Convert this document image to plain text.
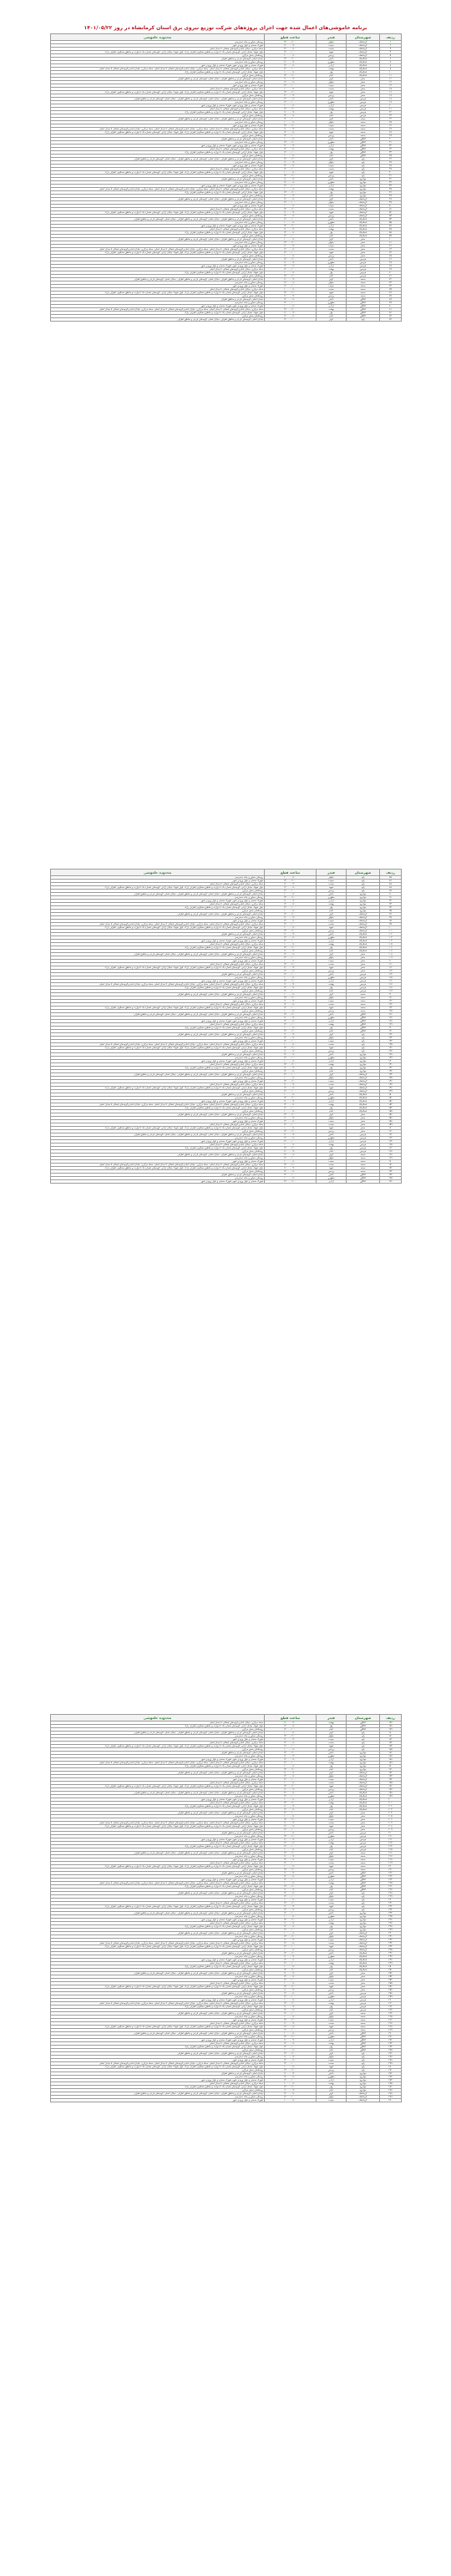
برنامه خاموشی‌های اعمال شده جهت اجرای پروژه‌های شرکت توزیع نیروی برق استان کرمانشاه در روز ۱۴۰۱/۰۵/۲۲
ردیف	شهرستان	فیدر	ساعت قطع	محدوده خاموشی
۱	کرمانشاه	نیلوفر	۱۱:۰۰ - ۱۳:۰۰	روستای مجاور و جاده دسترسی
۲	کرمانشاه	سپیده	۰۹:۰۰ - ۱۱:۰۰	شهرک صنعتی و بلوار ورودی شهر
۳	کرمانشاه	صنعت	۰۸:۰۰ - ۱۲:۰۰	محله مرکزی، خیابان امام و کوچه‌های شمالی تا میدان اصلی
۴	کرمانشاه	شهید	۱۰:۰۰ - ۱۲:۰۰	بلوار شهدا، خیابان آزادی، کوچه‌های شماره یک تا دوازده و مناطق مسکونی اطراف پارک، بلوار شهدا، خیابان آزادی، کوچه‌های شماره یک تا دوازده و مناطق مسکونی اطراف پارک
۵	کرمانشاه	پردیس	۰۸:۰۰ - ۱۰:۰۰	روستاهای بخش مرکزی
۶	اسلام‌آباد	دانش	۱۱:۰۰ - ۱۳:۰۰	خیابان اصلی، کوچه‌های فرعی و مناطق اطراف
۷	اسلام‌آباد	مطهری	۰۹:۰۰ - ۱۱:۰۰	روستای مجاور و جاده دسترسی
۸	اسلام‌آباد	آزادی	۰۸:۰۰ - ۱۲:۰۰	شهرک صنعتی و بلوار ورودی شهر، شهرک صنعتی و بلوار ورودی شهر
۹	اسلام‌آباد	بهشت	۱۰:۰۰ - ۱۲:۰۰	محله مرکزی، خیابان امام و کوچه‌های شمالی تا میدان اصلی، محله مرکزی، خیابان امام و کوچه‌های شمالی تا میدان اصلی، محله مرکزی، خیابان امام و کوچه‌های شمالی تا میدان اصلی
۱۰	اسلام‌آباد	بهار	۰۸:۰۰ - ۱۰:۰۰	بلوار شهدا، خیابان آزادی، کوچه‌های شماره یک تا دوازده و مناطق مسکونی اطراف پارک
۱۱	اسلام‌آباد	امام	۱۱:۰۰ - ۱۳:۰۰	روستاهای بخش مرکزی
۱۲	سنقر	کوثر	۰۹:۰۰ - ۱۱:۰۰	خیابان اصلی، کوچه‌های فرعی و مناطق اطراف، خیابان اصلی، کوچه‌های فرعی و مناطق اطراف
۱۳	سنقر	نیلوفر	۰۸:۰۰ - ۱۲:۰۰	روستای مجاور و جاده دسترسی
۱۴	سنقر	سپیده	۱۰:۰۰ - ۱۲:۰۰	شهرک صنعتی و بلوار ورودی شهر
۱۵	سنقر	صنعت	۰۸:۰۰ - ۱۰:۰۰	محله مرکزی، خیابان امام و کوچه‌های شمالی تا میدان اصلی
۱۶	سنقر	شهید	۱۱:۰۰ - ۱۳:۰۰	بلوار شهدا، خیابان آزادی، کوچه‌های شماره یک تا دوازده و مناطق مسکونی اطراف پارک، بلوار شهدا، خیابان آزادی، کوچه‌های شماره یک تا دوازده و مناطق مسکونی اطراف پارک
۱۷	سنقر	پردیس	۰۹:۰۰ - ۱۱:۰۰	روستاهای بخش مرکزی
۱۸	هرسین	دانش	۰۸:۰۰ - ۱۲:۰۰	خیابان اصلی، کوچه‌های فرعی و مناطق اطراف، خیابان اصلی، کوچه‌های فرعی و مناطق اطراف، خیابان اصلی، کوچه‌های فرعی و مناطق اطراف
۱۹	هرسین	مطهری	۱۰:۰۰ - ۱۲:۰۰	روستای مجاور و جاده دسترسی
۲۰	هرسین	آزادی	۰۸:۰۰ - ۱۰:۰۰	شهرک صنعتی و بلوار ورودی شهر، شهرک صنعتی و بلوار ورودی شهر
۲۱	هرسین	بهشت	۱۱:۰۰ - ۱۳:۰۰	محله مرکزی، خیابان امام و کوچه‌های شمالی تا میدان اصلی
۲۲	هرسین	بهار	۰۹:۰۰ - ۱۱:۰۰	بلوار شهدا، خیابان آزادی، کوچه‌های شماره یک تا دوازده و مناطق مسکونی اطراف پارک
۲۳	هرسین	امام	۰۸:۰۰ - ۱۲:۰۰	روستاهای بخش مرکزی
۲۴	صحنه	کوثر	۱۰:۰۰ - ۱۲:۰۰	خیابان اصلی، کوچه‌های فرعی و مناطق اطراف، خیابان اصلی، کوچه‌های فرعی و مناطق اطراف
۲۵	صحنه	نیلوفر	۰۸:۰۰ - ۱۰:۰۰	روستای مجاور و جاده دسترسی
۲۶	صحنه	سپیده	۱۱:۰۰ - ۱۳:۰۰	شهرک صنعتی و بلوار ورودی شهر
۲۷	صحنه	صنعت	۰۹:۰۰ - ۱۱:۰۰	محله مرکزی، خیابان امام و کوچه‌های شمالی تا میدان اصلی، محله مرکزی، خیابان امام و کوچه‌های شمالی تا میدان اصلی، محله مرکزی، خیابان امام و کوچه‌های شمالی تا میدان اصلی
۲۸	صحنه	شهید	۰۸:۰۰ - ۱۲:۰۰	بلوار شهدا، خیابان آزادی، کوچه‌های شماره یک تا دوازده و مناطق مسکونی اطراف پارک، بلوار شهدا، خیابان آزادی، کوچه‌های شماره یک تا دوازده و مناطق مسکونی اطراف پارک
۲۹	صحنه	پردیس	۱۰:۰۰ - ۱۲:۰۰	روستاهای بخش مرکزی
۳۰	کنگاور	دانش	۰۸:۰۰ - ۱۰:۰۰	خیابان اصلی، کوچه‌های فرعی و مناطق اطراف
۳۱	کنگاور	مطهری	۱۱:۰۰ - ۱۳:۰۰	روستای مجاور و جاده دسترسی
۳۲	کنگاور	آزادی	۰۹:۰۰ - ۱۱:۰۰	شهرک صنعتی و بلوار ورودی شهر، شهرک صنعتی و بلوار ورودی شهر
۳۳	کنگاور	بهشت	۰۸:۰۰ - ۱۲:۰۰	محله مرکزی، خیابان امام و کوچه‌های شمالی تا میدان اصلی
۳۴	کنگاور	بهار	۱۰:۰۰ - ۱۲:۰۰	بلوار شهدا، خیابان آزادی، کوچه‌های شماره یک تا دوازده و مناطق مسکونی اطراف پارک
۳۵	کنگاور	امام	۰۸:۰۰ - ۱۰:۰۰	روستاهای بخش مرکزی
۳۶	پاوه	کوثر	۱۱:۰۰ - ۱۳:۰۰	خیابان اصلی، کوچه‌های فرعی و مناطق اطراف، خیابان اصلی، کوچه‌های فرعی و مناطق اطراف، خیابان اصلی، کوچه‌های فرعی و مناطق اطراف
۳۷	پاوه	نیلوفر	۰۹:۰۰ - ۱۱:۰۰	روستای مجاور و جاده دسترسی
۳۸	پاوه	سپیده	۰۸:۰۰ - ۱۲:۰۰	شهرک صنعتی و بلوار ورودی شهر
۳۹	پاوه	صنعت	۱۰:۰۰ - ۱۲:۰۰	محله مرکزی، خیابان امام و کوچه‌های شمالی تا میدان اصلی
۴۰	پاوه	شهید	۰۸:۰۰ - ۱۰:۰۰	بلوار شهدا، خیابان آزادی، کوچه‌های شماره یک تا دوازده و مناطق مسکونی اطراف پارک، بلوار شهدا، خیابان آزادی، کوچه‌های شماره یک تا دوازده و مناطق مسکونی اطراف پارک
۴۱	پاوه	پردیس	۱۱:۰۰ - ۱۳:۰۰	روستاهای بخش مرکزی
۴۲	جوانرود	دانش	۰۹:۰۰ - ۱۱:۰۰	خیابان اصلی، کوچه‌های فرعی و مناطق اطراف
۴۳	جوانرود	مطهری	۰۸:۰۰ - ۱۲:۰۰	روستای مجاور و جاده دسترسی
۴۴	جوانرود	آزادی	۱۰:۰۰ - ۱۲:۰۰	شهرک صنعتی و بلوار ورودی شهر، شهرک صنعتی و بلوار ورودی شهر
۴۵	جوانرود	بهشت	۰۸:۰۰ - ۱۰:۰۰	محله مرکزی، خیابان امام و کوچه‌های شمالی تا میدان اصلی، محله مرکزی، خیابان امام و کوچه‌های شمالی تا میدان اصلی، محله مرکزی، خیابان امام و کوچه‌های شمالی تا میدان اصلی
۴۶	جوانرود	بهار	۱۱:۰۰ - ۱۳:۰۰	بلوار شهدا، خیابان آزادی، کوچه‌های شماره یک تا دوازده و مناطق مسکونی اطراف پارک
۴۷	جوانرود	امام	۰۹:۰۰ - ۱۱:۰۰	روستاهای بخش مرکزی
۴۸	کرمانشاه	کوثر	۰۸:۰۰ - ۱۲:۰۰	خیابان اصلی، کوچه‌های فرعی و مناطق اطراف، خیابان اصلی، کوچه‌های فرعی و مناطق اطراف
۴۹	کرمانشاه	نیلوفر	۱۰:۰۰ - ۱۲:۰۰	روستای مجاور و جاده دسترسی
۵۰	کرمانشاه	سپیده	۰۸:۰۰ - ۱۰:۰۰	شهرک صنعتی و بلوار ورودی شهر
۵۱	کرمانشاه	صنعت	۱۱:۰۰ - ۱۳:۰۰	محله مرکزی، خیابان امام و کوچه‌های شمالی تا میدان اصلی
۵۲	کرمانشاه	شهید	۰۹:۰۰ - ۱۱:۰۰	بلوار شهدا، خیابان آزادی، کوچه‌های شماره یک تا دوازده و مناطق مسکونی اطراف پارک، بلوار شهدا، خیابان آزادی، کوچه‌های شماره یک تا دوازده و مناطق مسکونی اطراف پارک
۵۳	کرمانشاه	پردیس	۰۸:۰۰ - ۱۲:۰۰	روستاهای بخش مرکزی
۵۴	اسلام‌آباد	دانش	۱۰:۰۰ - ۱۲:۰۰	خیابان اصلی، کوچه‌های فرعی و مناطق اطراف، خیابان اصلی، کوچه‌های فرعی و مناطق اطراف، خیابان اصلی، کوچه‌های فرعی و مناطق اطراف
۵۵	اسلام‌آباد	مطهری	۰۸:۰۰ - ۱۰:۰۰	روستای مجاور و جاده دسترسی
۵۶	اسلام‌آباد	آزادی	۱۱:۰۰ - ۱۳:۰۰	شهرک صنعتی و بلوار ورودی شهر، شهرک صنعتی و بلوار ورودی شهر
۵۷	اسلام‌آباد	بهشت	۰۹:۰۰ - ۱۱:۰۰	محله مرکزی، خیابان امام و کوچه‌های شمالی تا میدان اصلی
۵۸	اسلام‌آباد	بهار	۰۸:۰۰ - ۱۲:۰۰	بلوار شهدا، خیابان آزادی، کوچه‌های شماره یک تا دوازده و مناطق مسکونی اطراف پارک
۵۹	اسلام‌آباد	امام	۱۰:۰۰ - ۱۲:۰۰	روستاهای بخش مرکزی
۶۰	سنقر	کوثر	۰۸:۰۰ - ۱۰:۰۰	خیابان اصلی، کوچه‌های فرعی و مناطق اطراف، خیابان اصلی، کوچه‌های فرعی و مناطق اطراف
۶۱	سنقر	نیلوفر	۱۱:۰۰ - ۱۳:۰۰	روستای مجاور و جاده دسترسی
۶۲	سنقر	سپیده	۰۹:۰۰ - ۱۱:۰۰	شهرک صنعتی و بلوار ورودی شهر
۶۳	سنقر	صنعت	۰۸:۰۰ - ۱۲:۰۰	محله مرکزی، خیابان امام و کوچه‌های شمالی تا میدان اصلی، محله مرکزی، خیابان امام و کوچه‌های شمالی تا میدان اصلی، محله مرکزی، خیابان امام و کوچه‌های شمالی تا میدان اصلی
۶۴	سنقر	شهید	۱۰:۰۰ - ۱۲:۰۰	بلوار شهدا، خیابان آزادی، کوچه‌های شماره یک تا دوازده و مناطق مسکونی اطراف پارک، بلوار شهدا، خیابان آزادی، کوچه‌های شماره یک تا دوازده و مناطق مسکونی اطراف پارک
۶۵	سنقر	پردیس	۰۸:۰۰ - ۱۰:۰۰	روستاهای بخش مرکزی
۶۶	هرسین	دانش	۱۱:۰۰ - ۱۳:۰۰	خیابان اصلی، کوچه‌های فرعی و مناطق اطراف
۶۷	هرسین	مطهری	۰۹:۰۰ - ۱۱:۰۰	روستای مجاور و جاده دسترسی
۶۸	هرسین	آزادی	۰۸:۰۰ - ۱۲:۰۰	شهرک صنعتی و بلوار ورودی شهر، شهرک صنعتی و بلوار ورودی شهر
۶۹	هرسین	بهشت	۱۰:۰۰ - ۱۲:۰۰	محله مرکزی، خیابان امام و کوچه‌های شمالی تا میدان اصلی
۷۰	هرسین	بهار	۰۸:۰۰ - ۱۰:۰۰	بلوار شهدا، خیابان آزادی، کوچه‌های شماره یک تا دوازده و مناطق مسکونی اطراف پارک
۷۱	هرسین	امام	۱۱:۰۰ - ۱۳:۰۰	روستاهای بخش مرکزی
۷۲	صحنه	کوثر	۰۹:۰۰ - ۱۱:۰۰	خیابان اصلی، کوچه‌های فرعی و مناطق اطراف، خیابان اصلی، کوچه‌های فرعی و مناطق اطراف، خیابان اصلی، کوچه‌های فرعی و مناطق اطراف
۷۳	صحنه	نیلوفر	۰۸:۰۰ - ۱۲:۰۰	روستای مجاور و جاده دسترسی
۷۴	صحنه	سپیده	۱۰:۰۰ - ۱۲:۰۰	شهرک صنعتی و بلوار ورودی شهر
۷۵	صحنه	صنعت	۰۸:۰۰ - ۱۰:۰۰	محله مرکزی، خیابان امام و کوچه‌های شمالی تا میدان اصلی
۷۶	صحنه	شهید	۱۱:۰۰ - ۱۳:۰۰	بلوار شهدا، خیابان آزادی، کوچه‌های شماره یک تا دوازده و مناطق مسکونی اطراف پارک، بلوار شهدا، خیابان آزادی، کوچه‌های شماره یک تا دوازده و مناطق مسکونی اطراف پارک
۷۷	صحنه	پردیس	۰۹:۰۰ - ۱۱:۰۰	روستاهای بخش مرکزی
۷۸	کنگاور	دانش	۰۸:۰۰ - ۱۲:۰۰	خیابان اصلی، کوچه‌های فرعی و مناطق اطراف
۷۹	کنگاور	مطهری	۱۰:۰۰ - ۱۲:۰۰	روستای مجاور و جاده دسترسی
۸۰	کنگاور	آزادی	۰۸:۰۰ - ۱۰:۰۰	شهرک صنعتی و بلوار ورودی شهر، شهرک صنعتی و بلوار ورودی شهر
۸۱	کنگاور	بهشت	۱۱:۰۰ - ۱۳:۰۰	محله مرکزی، خیابان امام و کوچه‌های شمالی تا میدان اصلی، محله مرکزی، خیابان امام و کوچه‌های شمالی تا میدان اصلی، محله مرکزی، خیابان امام و کوچه‌های شمالی تا میدان اصلی
۸۲	کنگاور	بهار	۰۹:۰۰ - ۱۱:۰۰	بلوار شهدا، خیابان آزادی، کوچه‌های شماره یک تا دوازده و مناطق مسکونی اطراف پارک
۸۳	کنگاور	امام	۰۸:۰۰ - ۱۲:۰۰	روستاهای بخش مرکزی
۸۴	پاوه	کوثر	۱۰:۰۰ - ۱۲:۰۰	خیابان اصلی، کوچه‌های فرعی و مناطق اطراف، خیابان اصلی، کوچه‌های فرعی و مناطق اطراف
ردیف	شهرستان	فیدر	ساعت قطع	محدوده خاموشی
۸۵	پاوه	نیلوفر	۰۸:۰۰ - ۱۰:۰۰	روستای مجاور و جاده دسترسی
۸۶	پاوه	سپیده	۱۱:۰۰ - ۱۳:۰۰	شهرک صنعتی و بلوار ورودی شهر
۸۷	پاوه	صنعت	۰۹:۰۰ - ۱۱:۰۰	محله مرکزی، خیابان امام و کوچه‌های شمالی تا میدان اصلی
۸۸	پاوه	شهید	۰۸:۰۰ - ۱۲:۰۰	بلوار شهدا، خیابان آزادی، کوچه‌های شماره یک تا دوازده و مناطق مسکونی اطراف پارک، بلوار شهدا، خیابان آزادی، کوچه‌های شماره یک تا دوازده و مناطق مسکونی اطراف پارک
۸۹	پاوه	پردیس	۱۰:۰۰ - ۱۲:۰۰	روستاهای بخش مرکزی
۹۰	جوانرود	دانش	۰۸:۰۰ - ۱۰:۰۰	خیابان اصلی، کوچه‌های فرعی و مناطق اطراف، خیابان اصلی، کوچه‌های فرعی و مناطق اطراف، خیابان اصلی، کوچه‌های فرعی و مناطق اطراف
۹۱	جوانرود	مطهری	۱۱:۰۰ - ۱۳:۰۰	روستای مجاور و جاده دسترسی
۹۲	جوانرود	آزادی	۰۹:۰۰ - ۱۱:۰۰	شهرک صنعتی و بلوار ورودی شهر، شهرک صنعتی و بلوار ورودی شهر
۹۳	جوانرود	بهشت	۰۸:۰۰ - ۱۲:۰۰	محله مرکزی، خیابان امام و کوچه‌های شمالی تا میدان اصلی
۹۴	جوانرود	بهار	۱۰:۰۰ - ۱۲:۰۰	بلوار شهدا، خیابان آزادی، کوچه‌های شماره یک تا دوازده و مناطق مسکونی اطراف پارک
۹۵	جوانرود	امام	۰۸:۰۰ - ۱۰:۰۰	روستاهای بخش مرکزی
۹۶	کرمانشاه	کوثر	۱۱:۰۰ - ۱۳:۰۰	خیابان اصلی، کوچه‌های فرعی و مناطق اطراف، خیابان اصلی، کوچه‌های فرعی و مناطق اطراف
۹۷	کرمانشاه	نیلوفر	۰۹:۰۰ - ۱۱:۰۰	روستای مجاور و جاده دسترسی
۹۸	کرمانشاه	سپیده	۰۸:۰۰ - ۱۲:۰۰	شهرک صنعتی و بلوار ورودی شهر
۹۹	کرمانشاه	صنعت	۱۰:۰۰ - ۱۲:۰۰	محله مرکزی، خیابان امام و کوچه‌های شمالی تا میدان اصلی، محله مرکزی، خیابان امام و کوچه‌های شمالی تا میدان اصلی، محله مرکزی، خیابان امام و کوچه‌های شمالی تا میدان اصلی
۱۰۰	کرمانشاه	شهید	۰۸:۰۰ - ۱۰:۰۰	بلوار شهدا، خیابان آزادی، کوچه‌های شماره یک تا دوازده و مناطق مسکونی اطراف پارک، بلوار شهدا، خیابان آزادی، کوچه‌های شماره یک تا دوازده و مناطق مسکونی اطراف پارک
۱۰۱	کرمانشاه	پردیس	۱۱:۰۰ - ۱۳:۰۰	روستاهای بخش مرکزی
۱۰۲	اسلام‌آباد	دانش	۰۹:۰۰ - ۱۱:۰۰	خیابان اصلی، کوچه‌های فرعی و مناطق اطراف
۱۰۳	اسلام‌آباد	مطهری	۰۸:۰۰ - ۱۲:۰۰	روستای مجاور و جاده دسترسی
۱۰۴	اسلام‌آباد	آزادی	۱۰:۰۰ - ۱۲:۰۰	شهرک صنعتی و بلوار ورودی شهر، شهرک صنعتی و بلوار ورودی شهر
۱۰۵	اسلام‌آباد	بهشت	۰۸:۰۰ - ۱۰:۰۰	محله مرکزی، خیابان امام و کوچه‌های شمالی تا میدان اصلی
۱۰۶	اسلام‌آباد	بهار	۱۱:۰۰ - ۱۳:۰۰	بلوار شهدا، خیابان آزادی، کوچه‌های شماره یک تا دوازده و مناطق مسکونی اطراف پارک
۱۰۷	اسلام‌آباد	امام	۰۹:۰۰ - ۱۱:۰۰	روستاهای بخش مرکزی
۱۰۸	سنقر	کوثر	۰۸:۰۰ - ۱۲:۰۰	خیابان اصلی، کوچه‌های فرعی و مناطق اطراف، خیابان اصلی، کوچه‌های فرعی و مناطق اطراف، خیابان اصلی، کوچه‌های فرعی و مناطق اطراف
۱۰۹	سنقر	نیلوفر	۱۰:۰۰ - ۱۲:۰۰	روستای مجاور و جاده دسترسی
۱۱۰	سنقر	سپیده	۰۸:۰۰ - ۱۰:۰۰	شهرک صنعتی و بلوار ورودی شهر
۱۱۱	سنقر	صنعت	۱۱:۰۰ - ۱۳:۰۰	محله مرکزی، خیابان امام و کوچه‌های شمالی تا میدان اصلی
۱۱۲	سنقر	شهید	۰۹:۰۰ - ۱۱:۰۰	بلوار شهدا، خیابان آزادی، کوچه‌های شماره یک تا دوازده و مناطق مسکونی اطراف پارک، بلوار شهدا، خیابان آزادی، کوچه‌های شماره یک تا دوازده و مناطق مسکونی اطراف پارک
۱۱۳	سنقر	پردیس	۰۸:۰۰ - ۱۲:۰۰	روستاهای بخش مرکزی
۱۱۴	هرسین	دانش	۱۰:۰۰ - ۱۲:۰۰	خیابان اصلی، کوچه‌های فرعی و مناطق اطراف
۱۱۵	هرسین	مطهری	۰۸:۰۰ - ۱۰:۰۰	روستای مجاور و جاده دسترسی
۱۱۶	هرسین	آزادی	۱۱:۰۰ - ۱۳:۰۰	شهرک صنعتی و بلوار ورودی شهر، شهرک صنعتی و بلوار ورودی شهر
۱۱۷	هرسین	بهشت	۰۹:۰۰ - ۱۱:۰۰	محله مرکزی، خیابان امام و کوچه‌های شمالی تا میدان اصلی، محله مرکزی، خیابان امام و کوچه‌های شمالی تا میدان اصلی، محله مرکزی، خیابان امام و کوچه‌های شمالی تا میدان اصلی
۱۱۸	هرسین	بهار	۰۸:۰۰ - ۱۲:۰۰	بلوار شهدا، خیابان آزادی، کوچه‌های شماره یک تا دوازده و مناطق مسکونی اطراف پارک
۱۱۹	هرسین	امام	۱۰:۰۰ - ۱۲:۰۰	روستاهای بخش مرکزی
۱۲۰	صحنه	کوثر	۰۸:۰۰ - ۱۰:۰۰	خیابان اصلی، کوچه‌های فرعی و مناطق اطراف، خیابان اصلی، کوچه‌های فرعی و مناطق اطراف
۱۲۱	صحنه	نیلوفر	۱۱:۰۰ - ۱۳:۰۰	روستای مجاور و جاده دسترسی
۱۲۲	صحنه	سپیده	۰۹:۰۰ - ۱۱:۰۰	شهرک صنعتی و بلوار ورودی شهر
۱۲۳	صحنه	صنعت	۰۸:۰۰ - ۱۲:۰۰	محله مرکزی، خیابان امام و کوچه‌های شمالی تا میدان اصلی
۱۲۴	صحنه	شهید	۱۰:۰۰ - ۱۲:۰۰	بلوار شهدا، خیابان آزادی، کوچه‌های شماره یک تا دوازده و مناطق مسکونی اطراف پارک، بلوار شهدا، خیابان آزادی، کوچه‌های شماره یک تا دوازده و مناطق مسکونی اطراف پارک
۱۲۵	صحنه	پردیس	۰۸:۰۰ - ۱۰:۰۰	روستاهای بخش مرکزی
۱۲۶	کنگاور	دانش	۱۱:۰۰ - ۱۳:۰۰	خیابان اصلی، کوچه‌های فرعی و مناطق اطراف، خیابان اصلی، کوچه‌های فرعی و مناطق اطراف، خیابان اصلی، کوچه‌های فرعی و مناطق اطراف
۱۲۷	کنگاور	مطهری	۰۹:۰۰ - ۱۱:۰۰	روستای مجاور و جاده دسترسی
۱۲۸	کنگاور	آزادی	۰۸:۰۰ - ۱۲:۰۰	شهرک صنعتی و بلوار ورودی شهر، شهرک صنعتی و بلوار ورودی شهر
۱۲۹	کنگاور	بهشت	۱۰:۰۰ - ۱۲:۰۰	محله مرکزی، خیابان امام و کوچه‌های شمالی تا میدان اصلی
۱۳۰	کنگاور	بهار	۰۸:۰۰ - ۱۰:۰۰	بلوار شهدا، خیابان آزادی، کوچه‌های شماره یک تا دوازده و مناطق مسکونی اطراف پارک
۱۳۱	کنگاور	امام	۱۱:۰۰ - ۱۳:۰۰	روستاهای بخش مرکزی
۱۳۲	پاوه	کوثر	۰۹:۰۰ - ۱۱:۰۰	خیابان اصلی، کوچه‌های فرعی و مناطق اطراف، خیابان اصلی، کوچه‌های فرعی و مناطق اطراف
۱۳۳	پاوه	نیلوفر	۰۸:۰۰ - ۱۲:۰۰	روستای مجاور و جاده دسترسی
۱۳۴	پاوه	سپیده	۱۰:۰۰ - ۱۲:۰۰	شهرک صنعتی و بلوار ورودی شهر
۱۳۵	پاوه	صنعت	۰۸:۰۰ - ۱۰:۰۰	محله مرکزی، خیابان امام و کوچه‌های شمالی تا میدان اصلی، محله مرکزی، خیابان امام و کوچه‌های شمالی تا میدان اصلی، محله مرکزی، خیابان امام و کوچه‌های شمالی تا میدان اصلی
۱۳۶	پاوه	شهید	۱۱:۰۰ - ۱۳:۰۰	بلوار شهدا، خیابان آزادی، کوچه‌های شماره یک تا دوازده و مناطق مسکونی اطراف پارک، بلوار شهدا، خیابان آزادی، کوچه‌های شماره یک تا دوازده و مناطق مسکونی اطراف پارک
۱۳۷	پاوه	پردیس	۰۹:۰۰ - ۱۱:۰۰	روستاهای بخش مرکزی
۱۳۸	جوانرود	دانش	۰۸:۰۰ - ۱۲:۰۰	خیابان اصلی، کوچه‌های فرعی و مناطق اطراف
۱۳۹	جوانرود	مطهری	۱۰:۰۰ - ۱۲:۰۰	روستای مجاور و جاده دسترسی
۱۴۰	جوانرود	آزادی	۰۸:۰۰ - ۱۰:۰۰	شهرک صنعتی و بلوار ورودی شهر، شهرک صنعتی و بلوار ورودی شهر
۱۴۱	جوانرود	بهشت	۱۱:۰۰ - ۱۳:۰۰	محله مرکزی، خیابان امام و کوچه‌های شمالی تا میدان اصلی
۱۴۲	جوانرود	بهار	۰۹:۰۰ - ۱۱:۰۰	بلوار شهدا، خیابان آزادی، کوچه‌های شماره یک تا دوازده و مناطق مسکونی اطراف پارک
۱۴۳	جوانرود	امام	۰۸:۰۰ - ۱۲:۰۰	روستاهای بخش مرکزی
۱۴۴	کرمانشاه	کوثر	۱۰:۰۰ - ۱۲:۰۰	خیابان اصلی، کوچه‌های فرعی و مناطق اطراف، خیابان اصلی، کوچه‌های فرعی و مناطق اطراف، خیابان اصلی، کوچه‌های فرعی و مناطق اطراف
۱۴۵	کرمانشاه	نیلوفر	۰۸:۰۰ - ۱۰:۰۰	روستای مجاور و جاده دسترسی
۱۴۶	کرمانشاه	سپیده	۱۱:۰۰ - ۱۳:۰۰	شهرک صنعتی و بلوار ورودی شهر
۱۴۷	کرمانشاه	صنعت	۰۹:۰۰ - ۱۱:۰۰	محله مرکزی، خیابان امام و کوچه‌های شمالی تا میدان اصلی
۱۴۸	کرمانشاه	شهید	۰۸:۰۰ - ۱۲:۰۰	بلوار شهدا، خیابان آزادی، کوچه‌های شماره یک تا دوازده و مناطق مسکونی اطراف پارک، بلوار شهدا، خیابان آزادی، کوچه‌های شماره یک تا دوازده و مناطق مسکونی اطراف پارک
۱۴۹	کرمانشاه	پردیس	۱۰:۰۰ - ۱۲:۰۰	روستاهای بخش مرکزی
۱۵۰	اسلام‌آباد	دانش	۰۸:۰۰ - ۱۰:۰۰	خیابان اصلی، کوچه‌های فرعی و مناطق اطراف
۱۵۱	اسلام‌آباد	مطهری	۱۱:۰۰ - ۱۳:۰۰	روستای مجاور و جاده دسترسی
۱۵۲	اسلام‌آباد	آزادی	۰۹:۰۰ - ۱۱:۰۰	شهرک صنعتی و بلوار ورودی شهر، شهرک صنعتی و بلوار ورودی شهر
۱۵۳	اسلام‌آباد	بهشت	۰۸:۰۰ - ۱۲:۰۰	محله مرکزی، خیابان امام و کوچه‌های شمالی تا میدان اصلی، محله مرکزی، خیابان امام و کوچه‌های شمالی تا میدان اصلی، محله مرکزی، خیابان امام و کوچه‌های شمالی تا میدان اصلی
۱۵۴	اسلام‌آباد	بهار	۱۰:۰۰ - ۱۲:۰۰	بلوار شهدا، خیابان آزادی، کوچه‌های شماره یک تا دوازده و مناطق مسکونی اطراف پارک
۱۵۵	اسلام‌آباد	امام	۰۸:۰۰ - ۱۰:۰۰	روستاهای بخش مرکزی
۱۵۶	سنقر	کوثر	۱۱:۰۰ - ۱۳:۰۰	خیابان اصلی، کوچه‌های فرعی و مناطق اطراف، خیابان اصلی، کوچه‌های فرعی و مناطق اطراف
۱۵۷	سنقر	نیلوفر	۰۹:۰۰ - ۱۱:۰۰	روستای مجاور و جاده دسترسی
۱۵۸	سنقر	سپیده	۰۸:۰۰ - ۱۲:۰۰	شهرک صنعتی و بلوار ورودی شهر
۱۵۹	سنقر	صنعت	۱۰:۰۰ - ۱۲:۰۰	محله مرکزی، خیابان امام و کوچه‌های شمالی تا میدان اصلی
۱۶۰	سنقر	شهید	۰۸:۰۰ - ۱۰:۰۰	بلوار شهدا، خیابان آزادی، کوچه‌های شماره یک تا دوازده و مناطق مسکونی اطراف پارک، بلوار شهدا، خیابان آزادی، کوچه‌های شماره یک تا دوازده و مناطق مسکونی اطراف پارک
۱۶۱	سنقر	پردیس	۱۱:۰۰ - ۱۳:۰۰	روستاهای بخش مرکزی
۱۶۲	هرسین	دانش	۰۹:۰۰ - ۱۱:۰۰	خیابان اصلی، کوچه‌های فرعی و مناطق اطراف، خیابان اصلی، کوچه‌های فرعی و مناطق اطراف، خیابان اصلی، کوچه‌های فرعی و مناطق اطراف
۱۶۳	هرسین	مطهری	۰۸:۰۰ - ۱۲:۰۰	روستای مجاور و جاده دسترسی
۱۶۴	هرسین	آزادی	۱۰:۰۰ - ۱۲:۰۰	شهرک صنعتی و بلوار ورودی شهر، شهرک صنعتی و بلوار ورودی شهر
۱۶۵	هرسین	بهشت	۰۸:۰۰ - ۱۰:۰۰	محله مرکزی، خیابان امام و کوچه‌های شمالی تا میدان اصلی
۱۶۶	هرسین	بهار	۱۱:۰۰ - ۱۳:۰۰	بلوار شهدا، خیابان آزادی، کوچه‌های شماره یک تا دوازده و مناطق مسکونی اطراف پارک
۱۶۷	هرسین	امام	۰۹:۰۰ - ۱۱:۰۰	روستاهای بخش مرکزی
۱۶۸	صحنه	کوثر	۰۸:۰۰ - ۱۲:۰۰	خیابان اصلی، کوچه‌های فرعی و مناطق اطراف، خیابان اصلی، کوچه‌های فرعی و مناطق اطراف
۱۶۹	صحنه	نیلوفر	۱۰:۰۰ - ۱۲:۰۰	روستای مجاور و جاده دسترسی
۱۷۰	صحنه	سپیده	۰۸:۰۰ - ۱۰:۰۰	شهرک صنعتی و بلوار ورودی شهر
۱۷۱	صحنه	صنعت	۱۱:۰۰ - ۱۳:۰۰	محله مرکزی، خیابان امام و کوچه‌های شمالی تا میدان اصلی، محله مرکزی، خیابان امام و کوچه‌های شمالی تا میدان اصلی، محله مرکزی، خیابان امام و کوچه‌های شمالی تا میدان اصلی
۱۷۲	صحنه	شهید	۰۹:۰۰ - ۱۱:۰۰	بلوار شهدا، خیابان آزادی، کوچه‌های شماره یک تا دوازده و مناطق مسکونی اطراف پارک، بلوار شهدا، خیابان آزادی، کوچه‌های شماره یک تا دوازده و مناطق مسکونی اطراف پارک
۱۷۳	صحنه	پردیس	۰۸:۰۰ - ۱۲:۰۰	روستاهای بخش مرکزی
۱۷۴	کنگاور	دانش	۱۰:۰۰ - ۱۲:۰۰	خیابان اصلی، کوچه‌های فرعی و مناطق اطراف
۱۷۵	کنگاور	مطهری	۰۸:۰۰ - ۱۰:۰۰	روستای مجاور و جاده دسترسی
۱۷۶	کنگاور	آزادی	۱۱:۰۰ - ۱۳:۰۰	شهرک صنعتی و بلوار ورودی شهر، شهرک صنعتی و بلوار ورودی شهر
ردیف	شهرستان	فیدر	ساعت قطع	محدوده خاموشی
۱۷۷	کنگاور	بهشت	۰۹:۰۰ - ۱۱:۰۰	محله مرکزی، خیابان امام و کوچه‌های شمالی تا میدان اصلی
۱۷۸	کنگاور	بهار	۰۸:۰۰ - ۱۲:۰۰	بلوار شهدا، خیابان آزادی، کوچه‌های شماره یک تا دوازده و مناطق مسکونی اطراف پارک
۱۷۹	کنگاور	امام	۱۰:۰۰ - ۱۲:۰۰	روستاهای بخش مرکزی
۱۸۰	پاوه	کوثر	۰۸:۰۰ - ۱۰:۰۰	خیابان اصلی، کوچه‌های فرعی و مناطق اطراف، خیابان اصلی، کوچه‌های فرعی و مناطق اطراف، خیابان اصلی، کوچه‌های فرعی و مناطق اطراف
۱۸۱	پاوه	نیلوفر	۱۱:۰۰ - ۱۳:۰۰	روستای مجاور و جاده دسترسی
۱۸۲	پاوه	سپیده	۰۹:۰۰ - ۱۱:۰۰	شهرک صنعتی و بلوار ورودی شهر
۱۸۳	پاوه	صنعت	۰۸:۰۰ - ۱۲:۰۰	محله مرکزی، خیابان امام و کوچه‌های شمالی تا میدان اصلی
۱۸۴	پاوه	شهید	۱۰:۰۰ - ۱۲:۰۰	بلوار شهدا، خیابان آزادی، کوچه‌های شماره یک تا دوازده و مناطق مسکونی اطراف پارک، بلوار شهدا، خیابان آزادی، کوچه‌های شماره یک تا دوازده و مناطق مسکونی اطراف پارک
۱۸۵	پاوه	پردیس	۰۸:۰۰ - ۱۰:۰۰	روستاهای بخش مرکزی
۱۸۶	جوانرود	دانش	۱۱:۰۰ - ۱۳:۰۰	خیابان اصلی، کوچه‌های فرعی و مناطق اطراف
۱۸۷	جوانرود	مطهری	۰۹:۰۰ - ۱۱:۰۰	روستای مجاور و جاده دسترسی
۱۸۸	جوانرود	آزادی	۰۸:۰۰ - ۱۲:۰۰	شهرک صنعتی و بلوار ورودی شهر، شهرک صنعتی و بلوار ورودی شهر
۱۸۹	جوانرود	بهشت	۱۰:۰۰ - ۱۲:۰۰	محله مرکزی، خیابان امام و کوچه‌های شمالی تا میدان اصلی، محله مرکزی، خیابان امام و کوچه‌های شمالی تا میدان اصلی، محله مرکزی، خیابان امام و کوچه‌های شمالی تا میدان اصلی
۱۹۰	جوانرود	بهار	۰۸:۰۰ - ۱۰:۰۰	بلوار شهدا، خیابان آزادی، کوچه‌های شماره یک تا دوازده و مناطق مسکونی اطراف پارک
۱۹۱	جوانرود	امام	۱۱:۰۰ - ۱۳:۰۰	روستاهای بخش مرکزی
۱۹۲	کرمانشاه	کوثر	۰۹:۰۰ - ۱۱:۰۰	خیابان اصلی، کوچه‌های فرعی و مناطق اطراف، خیابان اصلی، کوچه‌های فرعی و مناطق اطراف
۱۹۳	کرمانشاه	نیلوفر	۰۸:۰۰ - ۱۲:۰۰	روستای مجاور و جاده دسترسی
۱۹۴	کرمانشاه	سپیده	۱۰:۰۰ - ۱۲:۰۰	شهرک صنعتی و بلوار ورودی شهر
۱۹۵	کرمانشاه	صنعت	۰۸:۰۰ - ۱۰:۰۰	محله مرکزی، خیابان امام و کوچه‌های شمالی تا میدان اصلی
۱۹۶	کرمانشاه	شهید	۱۱:۰۰ - ۱۳:۰۰	بلوار شهدا، خیابان آزادی، کوچه‌های شماره یک تا دوازده و مناطق مسکونی اطراف پارک، بلوار شهدا، خیابان آزادی، کوچه‌های شماره یک تا دوازده و مناطق مسکونی اطراف پارک
۱۹۷	کرمانشاه	پردیس	۰۹:۰۰ - ۱۱:۰۰	روستاهای بخش مرکزی
۱۹۸	اسلام‌آباد	دانش	۰۸:۰۰ - ۱۲:۰۰	خیابان اصلی، کوچه‌های فرعی و مناطق اطراف، خیابان اصلی، کوچه‌های فرعی و مناطق اطراف، خیابان اصلی، کوچه‌های فرعی و مناطق اطراف
۱۹۹	اسلام‌آباد	مطهری	۱۰:۰۰ - ۱۲:۰۰	روستای مجاور و جاده دسترسی
۲۰۰	اسلام‌آباد	آزادی	۰۸:۰۰ - ۱۰:۰۰	شهرک صنعتی و بلوار ورودی شهر، شهرک صنعتی و بلوار ورودی شهر
۲۰۱	اسلام‌آباد	بهشت	۱۱:۰۰ - ۱۳:۰۰	محله مرکزی، خیابان امام و کوچه‌های شمالی تا میدان اصلی
۲۰۲	اسلام‌آباد	بهار	۰۹:۰۰ - ۱۱:۰۰	بلوار شهدا، خیابان آزادی، کوچه‌های شماره یک تا دوازده و مناطق مسکونی اطراف پارک
۲۰۳	اسلام‌آباد	امام	۰۸:۰۰ - ۱۲:۰۰	روستاهای بخش مرکزی
۲۰۴	سنقر	کوثر	۱۰:۰۰ - ۱۲:۰۰	خیابان اصلی، کوچه‌های فرعی و مناطق اطراف، خیابان اصلی، کوچه‌های فرعی و مناطق اطراف
۲۰۵	سنقر	نیلوفر	۰۸:۰۰ - ۱۰:۰۰	روستای مجاور و جاده دسترسی
۲۰۶	سنقر	سپیده	۱۱:۰۰ - ۱۳:۰۰	شهرک صنعتی و بلوار ورودی شهر
۲۰۷	سنقر	صنعت	۰۹:۰۰ - ۱۱:۰۰	محله مرکزی، خیابان امام و کوچه‌های شمالی تا میدان اصلی، محله مرکزی، خیابان امام و کوچه‌های شمالی تا میدان اصلی، محله مرکزی، خیابان امام و کوچه‌های شمالی تا میدان اصلی
۲۰۸	سنقر	شهید	۰۸:۰۰ - ۱۲:۰۰	بلوار شهدا، خیابان آزادی، کوچه‌های شماره یک تا دوازده و مناطق مسکونی اطراف پارک، بلوار شهدا، خیابان آزادی، کوچه‌های شماره یک تا دوازده و مناطق مسکونی اطراف پارک
۲۰۹	سنقر	پردیس	۱۰:۰۰ - ۱۲:۰۰	روستاهای بخش مرکزی
۲۱۰	هرسین	دانش	۰۸:۰۰ - ۱۰:۰۰	خیابان اصلی، کوچه‌های فرعی و مناطق اطراف
۲۱۱	هرسین	مطهری	۱۱:۰۰ - ۱۳:۰۰	روستای مجاور و جاده دسترسی
۲۱۲	هرسین	آزادی	۰۹:۰۰ - ۱۱:۰۰	شهرک صنعتی و بلوار ورودی شهر، شهرک صنعتی و بلوار ورودی شهر
۲۱۳	هرسین	بهشت	۰۸:۰۰ - ۱۲:۰۰	محله مرکزی، خیابان امام و کوچه‌های شمالی تا میدان اصلی
۲۱۴	هرسین	بهار	۱۰:۰۰ - ۱۲:۰۰	بلوار شهدا، خیابان آزادی، کوچه‌های شماره یک تا دوازده و مناطق مسکونی اطراف پارک
۲۱۵	هرسین	امام	۰۸:۰۰ - ۱۰:۰۰	روستاهای بخش مرکزی
۲۱۶	صحنه	کوثر	۱۱:۰۰ - ۱۳:۰۰	خیابان اصلی، کوچه‌های فرعی و مناطق اطراف، خیابان اصلی، کوچه‌های فرعی و مناطق اطراف، خیابان اصلی، کوچه‌های فرعی و مناطق اطراف
۲۱۷	صحنه	نیلوفر	۰۹:۰۰ - ۱۱:۰۰	روستای مجاور و جاده دسترسی
۲۱۸	صحنه	سپیده	۰۸:۰۰ - ۱۲:۰۰	شهرک صنعتی و بلوار ورودی شهر
۲۱۹	صحنه	صنعت	۱۰:۰۰ - ۱۲:۰۰	محله مرکزی، خیابان امام و کوچه‌های شمالی تا میدان اصلی
۲۲۰	صحنه	شهید	۰۸:۰۰ - ۱۰:۰۰	بلوار شهدا، خیابان آزادی، کوچه‌های شماره یک تا دوازده و مناطق مسکونی اطراف پارک، بلوار شهدا، خیابان آزادی، کوچه‌های شماره یک تا دوازده و مناطق مسکونی اطراف پارک
۲۲۱	صحنه	پردیس	۱۱:۰۰ - ۱۳:۰۰	روستاهای بخش مرکزی
۲۲۲	کنگاور	دانش	۰۹:۰۰ - ۱۱:۰۰	خیابان اصلی، کوچه‌های فرعی و مناطق اطراف
۲۲۳	کنگاور	مطهری	۰۸:۰۰ - ۱۲:۰۰	روستای مجاور و جاده دسترسی
۲۲۴	کنگاور	آزادی	۱۰:۰۰ - ۱۲:۰۰	شهرک صنعتی و بلوار ورودی شهر، شهرک صنعتی و بلوار ورودی شهر
۲۲۵	کنگاور	بهشت	۰۸:۰۰ - ۱۰:۰۰	محله مرکزی، خیابان امام و کوچه‌های شمالی تا میدان اصلی، محله مرکزی، خیابان امام و کوچه‌های شمالی تا میدان اصلی، محله مرکزی، خیابان امام و کوچه‌های شمالی تا میدان اصلی
۲۲۶	کنگاور	بهار	۱۱:۰۰ - ۱۳:۰۰	بلوار شهدا، خیابان آزادی، کوچه‌های شماره یک تا دوازده و مناطق مسکونی اطراف پارک
۲۲۷	کنگاور	امام	۰۹:۰۰ - ۱۱:۰۰	روستاهای بخش مرکزی
۲۲۸	پاوه	کوثر	۰۸:۰۰ - ۱۲:۰۰	خیابان اصلی، کوچه‌های فرعی و مناطق اطراف، خیابان اصلی، کوچه‌های فرعی و مناطق اطراف
۲۲۹	پاوه	نیلوفر	۱۰:۰۰ - ۱۲:۰۰	روستای مجاور و جاده دسترسی
۲۳۰	پاوه	سپیده	۰۸:۰۰ - ۱۰:۰۰	شهرک صنعتی و بلوار ورودی شهر
۲۳۱	پاوه	صنعت	۱۱:۰۰ - ۱۳:۰۰	محله مرکزی، خیابان امام و کوچه‌های شمالی تا میدان اصلی
۲۳۲	پاوه	شهید	۰۹:۰۰ - ۱۱:۰۰	بلوار شهدا، خیابان آزادی، کوچه‌های شماره یک تا دوازده و مناطق مسکونی اطراف پارک، بلوار شهدا، خیابان آزادی، کوچه‌های شماره یک تا دوازده و مناطق مسکونی اطراف پارک
۲۳۳	پاوه	پردیس	۰۸:۰۰ - ۱۲:۰۰	روستاهای بخش مرکزی
۲۳۴	جوانرود	دانش	۱۰:۰۰ - ۱۲:۰۰	خیابان اصلی، کوچه‌های فرعی و مناطق اطراف، خیابان اصلی، کوچه‌های فرعی و مناطق اطراف، خیابان اصلی، کوچه‌های فرعی و مناطق اطراف
۲۳۵	جوانرود	مطهری	۰۸:۰۰ - ۱۰:۰۰	روستای مجاور و جاده دسترسی
۲۳۶	جوانرود	آزادی	۱۱:۰۰ - ۱۳:۰۰	شهرک صنعتی و بلوار ورودی شهر، شهرک صنعتی و بلوار ورودی شهر
۲۳۷	جوانرود	بهشت	۰۹:۰۰ - ۱۱:۰۰	محله مرکزی، خیابان امام و کوچه‌های شمالی تا میدان اصلی
۲۳۸	جوانرود	بهار	۰۸:۰۰ - ۱۲:۰۰	بلوار شهدا، خیابان آزادی، کوچه‌های شماره یک تا دوازده و مناطق مسکونی اطراف پارک
۲۳۹	جوانرود	امام	۱۰:۰۰ - ۱۲:۰۰	روستاهای بخش مرکزی
۲۴۰	کرمانشاه	کوثر	۰۸:۰۰ - ۱۰:۰۰	خیابان اصلی، کوچه‌های فرعی و مناطق اطراف، خیابان اصلی، کوچه‌های فرعی و مناطق اطراف
۲۴۱	کرمانشاه	نیلوفر	۱۱:۰۰ - ۱۳:۰۰	روستای مجاور و جاده دسترسی
۲۴۲	کرمانشاه	سپیده	۰۹:۰۰ - ۱۱:۰۰	شهرک صنعتی و بلوار ورودی شهر
۲۴۳	کرمانشاه	صنعت	۰۸:۰۰ - ۱۲:۰۰	محله مرکزی، خیابان امام و کوچه‌های شمالی تا میدان اصلی، محله مرکزی، خیابان امام و کوچه‌های شمالی تا میدان اصلی، محله مرکزی، خیابان امام و کوچه‌های شمالی تا میدان اصلی
۲۴۴	کرمانشاه	شهید	۱۰:۰۰ - ۱۲:۰۰	بلوار شهدا، خیابان آزادی، کوچه‌های شماره یک تا دوازده و مناطق مسکونی اطراف پارک، بلوار شهدا، خیابان آزادی، کوچه‌های شماره یک تا دوازده و مناطق مسکونی اطراف پارک
۲۴۵	کرمانشاه	پردیس	۰۸:۰۰ - ۱۰:۰۰	روستاهای بخش مرکزی
۲۴۶	اسلام‌آباد	دانش	۱۱:۰۰ - ۱۳:۰۰	خیابان اصلی، کوچه‌های فرعی و مناطق اطراف
۲۴۷	اسلام‌آباد	مطهری	۰۹:۰۰ - ۱۱:۰۰	روستای مجاور و جاده دسترسی
۲۴۸	اسلام‌آباد	آزادی	۰۸:۰۰ - ۱۲:۰۰	شهرک صنعتی و بلوار ورودی شهر، شهرک صنعتی و بلوار ورودی شهر
۲۴۹	اسلام‌آباد	بهشت	۱۰:۰۰ - ۱۲:۰۰	محله مرکزی، خیابان امام و کوچه‌های شمالی تا میدان اصلی
۲۵۰	اسلام‌آباد	بهار	۰۸:۰۰ - ۱۰:۰۰	بلوار شهدا، خیابان آزادی، کوچه‌های شماره یک تا دوازده و مناطق مسکونی اطراف پارک
۲۵۱	اسلام‌آباد	امام	۱۱:۰۰ - ۱۳:۰۰	روستاهای بخش مرکزی
۲۵۲	سنقر	کوثر	۰۹:۰۰ - ۱۱:۰۰	خیابان اصلی، کوچه‌های فرعی و مناطق اطراف، خیابان اصلی، کوچه‌های فرعی و مناطق اطراف، خیابان اصلی، کوچه‌های فرعی و مناطق اطراف
۲۵۳	سنقر	نیلوفر	۰۸:۰۰ - ۱۲:۰۰	روستای مجاور و جاده دسترسی
۲۵۴	سنقر	سپیده	۱۰:۰۰ - ۱۲:۰۰	شهرک صنعتی و بلوار ورودی شهر
۲۵۵	سنقر	صنعت	۰۸:۰۰ - ۱۰:۰۰	محله مرکزی، خیابان امام و کوچه‌های شمالی تا میدان اصلی
۲۵۶	سنقر	شهید	۱۱:۰۰ - ۱۳:۰۰	بلوار شهدا، خیابان آزادی، کوچه‌های شماره یک تا دوازده و مناطق مسکونی اطراف پارک، بلوار شهدا، خیابان آزادی، کوچه‌های شماره یک تا دوازده و مناطق مسکونی اطراف پارک
۲۵۷	سنقر	پردیس	۰۹:۰۰ - ۱۱:۰۰	روستاهای بخش مرکزی
۲۵۸	هرسین	دانش	۰۸:۰۰ - ۱۲:۰۰	خیابان اصلی، کوچه‌های فرعی و مناطق اطراف
۲۵۹	هرسین	مطهری	۱۰:۰۰ - ۱۲:۰۰	روستای مجاور و جاده دسترسی
۲۶۰	هرسین	آزادی	۰۸:۰۰ - ۱۰:۰۰	شهرک صنعتی و بلوار ورودی شهر، شهرک صنعتی و بلوار ورودی شهر
۲۶۱	هرسین	بهشت	۱۱:۰۰ - ۱۳:۰۰	محله مرکزی، خیابان امام و کوچه‌های شمالی تا میدان اصلی، محله مرکزی، خیابان امام و کوچه‌های شمالی تا میدان اصلی، محله مرکزی، خیابان امام و کوچه‌های شمالی تا میدان اصلی
۲۶۲	هرسین	بهار	۰۹:۰۰ - ۱۱:۰۰	بلوار شهدا، خیابان آزادی، کوچه‌های شماره یک تا دوازده و مناطق مسکونی اطراف پارک
۲۶۳	هرسین	امام	۰۸:۰۰ - ۱۲:۰۰	روستاهای بخش مرکزی
۲۶۴	صحنه	کوثر	۱۰:۰۰ - ۱۲:۰۰	خیابان اصلی، کوچه‌های فرعی و مناطق اطراف، خیابان اصلی، کوچه‌های فرعی و مناطق اطراف
۲۶۵	صحنه	نیلوفر	۰۸:۰۰ - ۱۰:۰۰	روستای مجاور و جاده دسترسی
۲۶۶	صحنه	سپیده	۱۱:۰۰ - ۱۳:۰۰	شهرک صنعتی و بلوار ورودی شهر
۲۶۷	صحنه	صنعت	۰۹:۰۰ - ۱۱:۰۰	محله مرکزی، خیابان امام و کوچه‌های شمالی تا میدان اصلی
۲۶۸	صحنه	شهید	۰۸:۰۰ - ۱۲:۰۰	بلوار شهدا، خیابان آزادی، کوچه‌های شماره یک تا دوازده و مناطق مسکونی اطراف پارک، بلوار شهدا، خیابان آزادی، کوچه‌های شماره یک تا دوازده و مناطق مسکونی اطراف پارک
۲۶۹	صحنه	پردیس	۱۰:۰۰ - ۱۲:۰۰	روستاهای بخش مرکزی
۲۷۰	کنگاور	دانش	۰۸:۰۰ - ۱۰:۰۰	خیابان اصلی، کوچه‌های فرعی و مناطق اطراف، خیابان اصلی، کوچه‌های فرعی و مناطق اطراف، خیابان اصلی، کوچه‌های فرعی و مناطق اطراف
۲۷۱	کنگاور	مطهری	۱۱:۰۰ - ۱۳:۰۰	روستای مجاور و جاده دسترسی
۲۷۲	کنگاور	آزادی	۰۹:۰۰ - ۱۱:۰۰	شهرک صنعتی و بلوار ورودی شهر، شهرک صنعتی و بلوار ورودی شهر
۲۷۳	کنگاور	بهشت	۰۸:۰۰ - ۱۲:۰۰	محله مرکزی، خیابان امام و کوچه‌های شمالی تا میدان اصلی
۲۷۴	کنگاور	بهار	۱۰:۰۰ - ۱۲:۰۰	بلوار شهدا، خیابان آزادی، کوچه‌های شماره یک تا دوازده و مناطق مسکونی اطراف پارک
۲۷۵	کنگاور	امام	۰۸:۰۰ - ۱۰:۰۰	روستاهای بخش مرکزی
۲۷۶	پاوه	کوثر	۱۱:۰۰ - ۱۳:۰۰	خیابان اصلی، کوچه‌های فرعی و مناطق اطراف، خیابان اصلی، کوچه‌های فرعی و مناطق اطراف
۲۷۷	پاوه	نیلوفر	۰۹:۰۰ - ۱۱:۰۰	روستای مجاور و جاده دسترسی
۲۷۸	پاوه	سپیده	۰۸:۰۰ - ۱۲:۰۰	شهرک صنعتی و بلوار ورودی شهر
۲۷۹	پاوه	صنعت	۱۰:۰۰ - ۱۲:۰۰	محله مرکزی، خیابان امام و کوچه‌های شمالی تا میدان اصلی، محله مرکزی، خیابان امام و کوچه‌های شمالی تا میدان اصلی، محله مرکزی، خیابان امام و کوچه‌های شمالی تا میدان اصلی
۲۸۰	پاوه	شهید	۰۸:۰۰ - ۱۰:۰۰	بلوار شهدا، خیابان آزادی، کوچه‌های شماره یک تا دوازده و مناطق مسکونی اطراف پارک، بلوار شهدا، خیابان آزادی، کوچه‌های شماره یک تا دوازده و مناطق مسکونی اطراف پارک
۲۸۱	پاوه	پردیس	۱۱:۰۰ - ۱۳:۰۰	روستاهای بخش مرکزی
۲۸۲	جوانرود	دانش	۰۹:۰۰ - ۱۱:۰۰	خیابان اصلی، کوچه‌های فرعی و مناطق اطراف
۲۸۳	جوانرود	مطهری	۰۸:۰۰ - ۱۲:۰۰	روستای مجاور و جاده دسترسی
۲۸۴	جوانرود	آزادی	۱۰:۰۰ - ۱۲:۰۰	شهرک صنعتی و بلوار ورودی شهر، شهرک صنعتی و بلوار ورودی شهر
۲۸۵	جوانرود	بهشت	۰۸:۰۰ - ۱۰:۰۰	محله مرکزی، خیابان امام و کوچه‌های شمالی تا میدان اصلی
۲۸۶	جوانرود	بهار	۱۱:۰۰ - ۱۳:۰۰	بلوار شهدا، خیابان آزادی، کوچه‌های شماره یک تا دوازده و مناطق مسکونی اطراف پارک
۲۸۷	جوانرود	امام	۰۹:۰۰ - ۱۱:۰۰	روستاهای بخش مرکزی
۲۸۸	کرمانشاه	کوثر	۰۸:۰۰ - ۱۲:۰۰	خیابان اصلی، کوچه‌های فرعی و مناطق اطراف، خیابان اصلی، کوچه‌های فرعی و مناطق اطراف، خیابان اصلی، کوچه‌های فرعی و مناطق اطراف
۲۸۹	کرمانشاه	نیلوفر	۱۰:۰۰ - ۱۲:۰۰	روستای مجاور و جاده دسترسی
۲۹۰	کرمانشاه	سپیده	۰۸:۰۰ - ۱۰:۰۰	شهرک صنعتی و بلوار ورودی شهر
